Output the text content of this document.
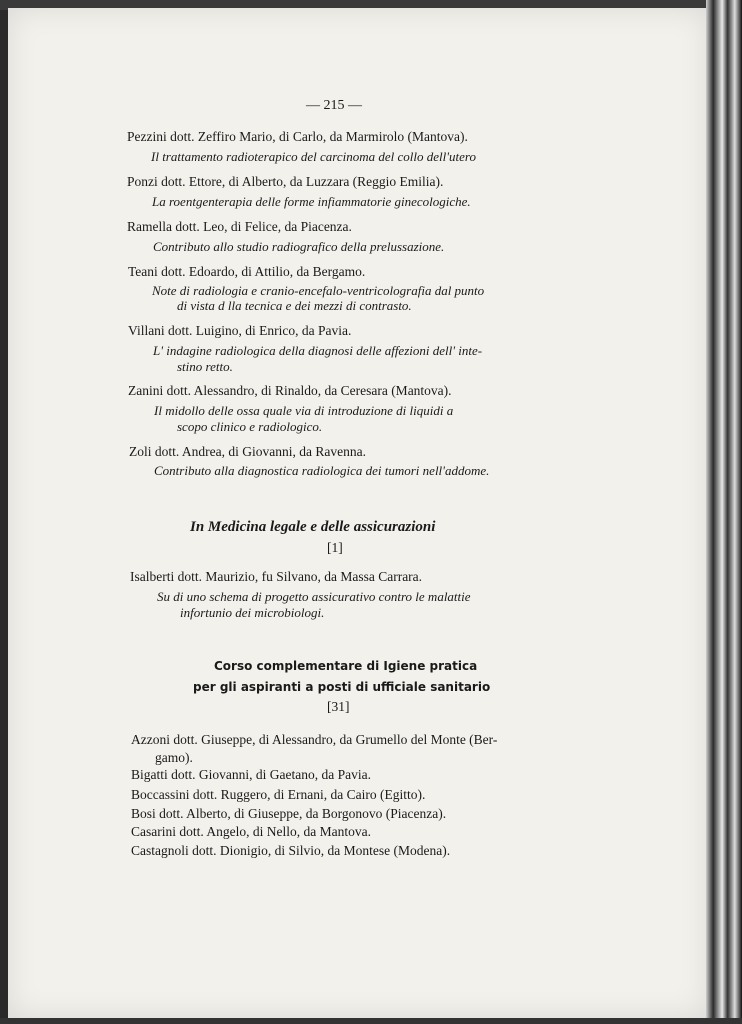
— 215 —
Pezzini dott. Zeffiro Mario, di Carlo, da Marmirolo (Mantova).
Il trattamento radioterapico del carcinoma del collo dell'utero
Ponzi dott. Ettore, di Alberto, da Luzzara (Reggio Emilia).
La roentgenterapia delle forme infiammatorie ginecologiche.
Ramella dott. Leo, di Felice, da Piacenza.
Contributo allo studio radiografico della prelussazione.
Teani dott. Edoardo, di Attilio, da Bergamo.
Note di radiologia e cranio-encefalo-ventricolografia dal punto
di vista d lla tecnica e dei mezzi di contrasto.
Villani dott. Luigino, di Enrico, da Pavia.
L' indagine radiologica della diagnosi delle affezioni dell' inte-
stino retto.
Zanini dott. Alessandro, di Rinaldo, da Ceresara (Mantova).
Il midollo delle ossa quale via di introduzione di liquidi a
scopo clinico e radiologico.
Zoli dott. Andrea, di Giovanni, da Ravenna.
Contributo alla diagnostica radiologica dei tumori nell'addome.
In Medicina legale e delle assicurazioni
[1]
Isalberti dott. Maurizio, fu Silvano, da Massa Carrara.
Su di uno schema di progetto assicurativo contro le malattie
infortunio dei microbiologi.
Corso complementare di Igiene pratica
per gli aspiranti a posti di ufficiale sanitario
[31]
Azzoni dott. Giuseppe, di Alessandro, da Grumello del Monte (Ber-
gamo).
Bigatti dott. Giovanni, di Gaetano, da Pavia.
Boccassini dott. Ruggero, di Ernani, da Cairo (Egitto).
Bosi dott. Alberto, di Giuseppe, da Borgonovo (Piacenza).
Casarini dott. Angelo, di Nello, da Mantova.
Castagnoli dott. Dionigio, di Silvio, da Montese (Modena).
